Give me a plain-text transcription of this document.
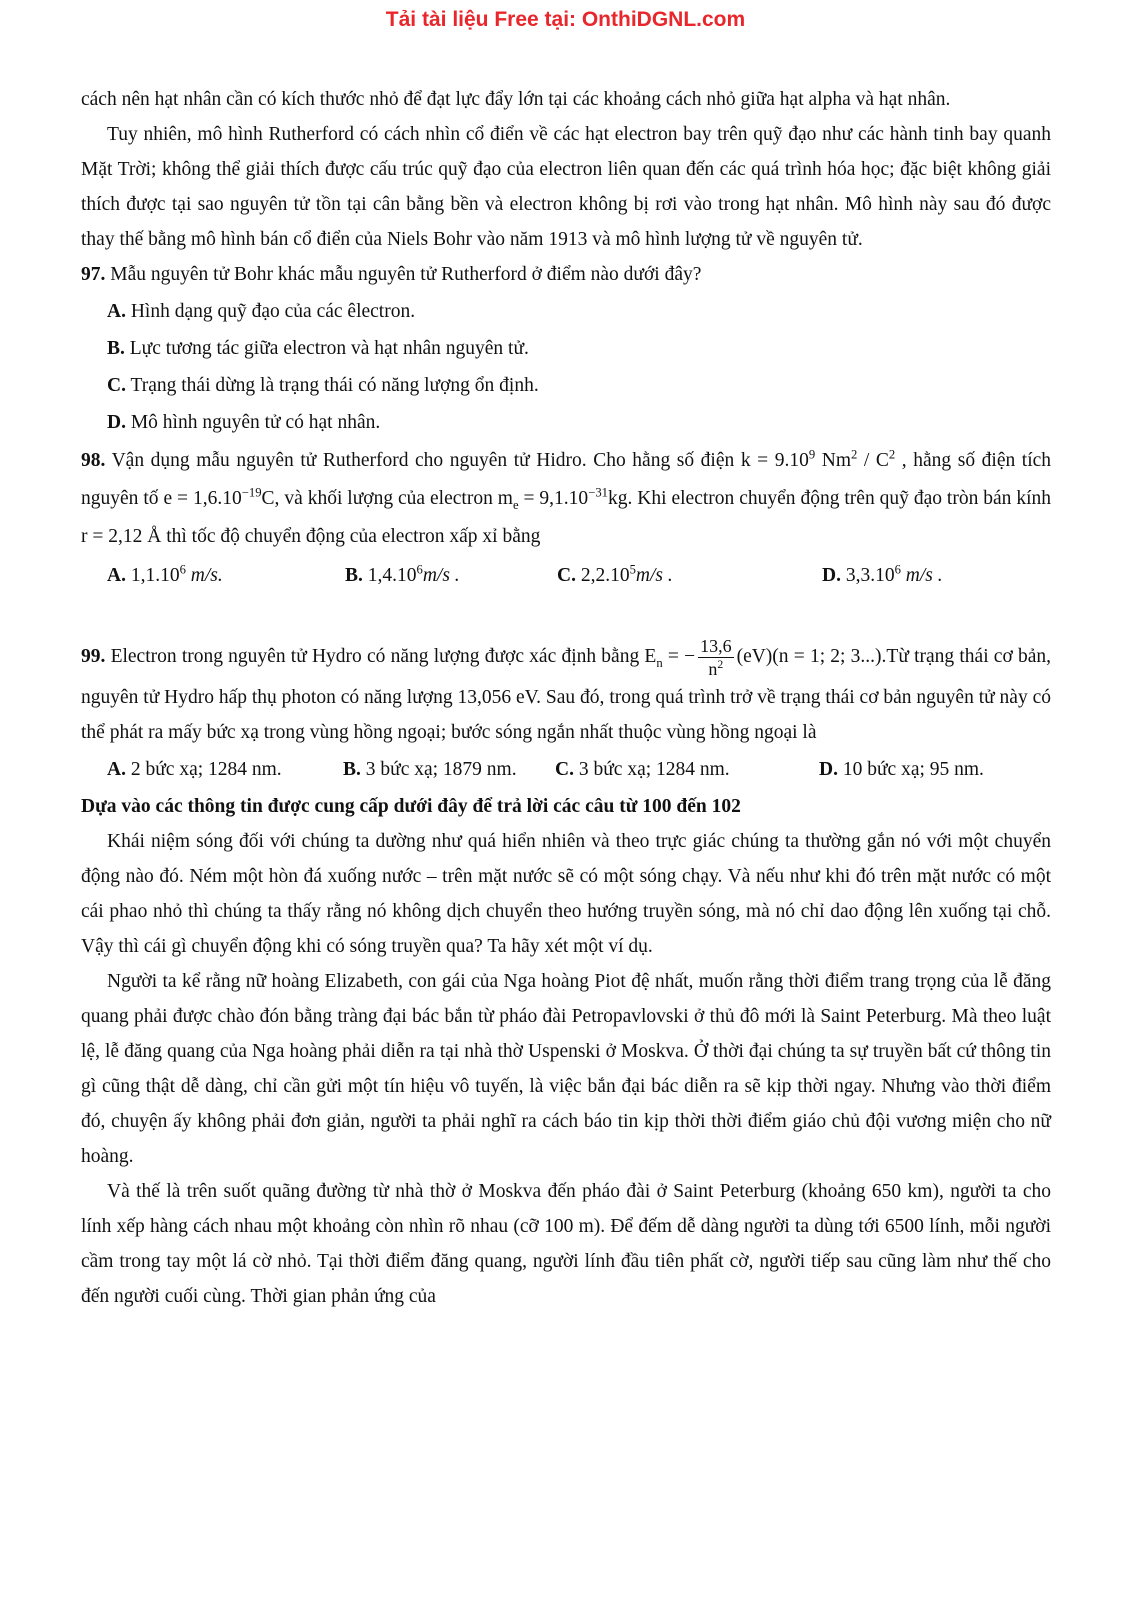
Tải tài liệu Free tại: OnthiDGNL.com

cách nên hạt nhân cần có kích thước nhỏ để đạt lực đẩy lớn tại các khoảng cách nhỏ giữa hạt alpha và hạt nhân.

Tuy nhiên, mô hình Rutherford có cách nhìn cổ điển về các hạt electron bay trên quỹ đạo như các hành tinh bay quanh Mặt Trời; không thể giải thích được cấu trúc quỹ đạo của electron liên quan đến các quá trình hóa học; đặc biệt không giải thích được tại sao nguyên tử tồn tại cân bằng bền và electron không bị rơi vào trong hạt nhân. Mô hình này sau đó được thay thế bằng mô hình bán cổ điển của Niels Bohr vào năm 1913 và mô hình lượng tử về nguyên tử.

97. Mẫu nguyên tử Bohr khác mẫu nguyên tử Rutherford ở điểm nào dưới đây?

A. Hình dạng quỹ đạo của các êlectron.

B. Lực tương tác giữa electron và hạt nhân nguyên tử.

C. Trạng thái dừng là trạng thái có năng lượng ổn định.

D. Mô hình nguyên tử có hạt nhân.

98. Vận dụng mẫu nguyên tử Rutherford cho nguyên tử Hidro. Cho hằng số điện $k = 9.10^9$ $Nm^2 / C^2$ , hằng số điện tích nguyên tố $e = 1,6.10^{-19}C$, và khối lượng của electron $m_e = 9,1.10^{-31}kg$. Khi electron chuyển động trên quỹ đạo tròn bán kính r = 2,12 Å thì tốc độ chuyển động của electron xấp xỉ bằng

A. 1,1.10$^6$ m/s.	B. 1,4.10$^6$m/s .	C. 2,2.10$^5$m/s .	D. 3,3.10$^6$ m/s .

99. Electron trong nguyên tử Hydro có năng lượng được xác định bằng $E_n$ = − $\frac{13,6}{n^2} (eV)(n = 1$; 2; 3...).Từ trạng thái cơ bản, nguyên tử Hydro hấp thụ photon có năng lượng 13,056 eV. Sau đó, trong quá trình trở về trạng thái cơ bản nguyên tử này có thể phát ra mấy bức xạ trong vùng hồng ngoại; bước sóng ngắn nhất thuộc vùng hồng ngoại là

A. 2 bức xạ; 1284 nm.	B. 3 bức xạ; 1879 nm.	C. 3 bức xạ; 1284 nm.	D. 10 bức xạ; 95 nm.

Dựa vào các thông tin được cung cấp dưới đây để trả lời các câu từ 100 đến 102

Khái niệm sóng đối với chúng ta dường như quá hiển nhiên và theo trực giác chúng ta thường gắn nó với một chuyển động nào đó. Ném một hòn đá xuống nước – trên mặt nước sẽ có một sóng chạy. Và nếu như khi đó trên mặt nước có một cái phao nhỏ thì chúng ta thấy rằng nó không dịch chuyển theo hướng truyền sóng, mà nó chỉ dao động lên xuống tại chỗ. Vậy thì cái gì chuyển động khi có sóng truyền qua? Ta hãy xét một ví dụ.

Người ta kể rằng nữ hoàng Elizabeth, con gái của Nga hoàng Piot đệ nhất, muốn rằng thời điểm trang trọng của lễ đăng quang phải được chào đón bằng tràng đại bác bắn từ pháo đài Petropavlovski ở thủ đô mới là Saint Peterburg. Mà theo luật lệ, lễ đăng quang của Nga hoàng phải diễn ra tại nhà thờ Uspenski ở Moskva. Ở thời đại chúng ta sự truyền bất cứ thông tin gì cũng thật dễ dàng, chỉ cần gửi một tín hiệu vô tuyến, là việc bắn đại bác diễn ra sẽ kịp thời ngay. Nhưng vào thời điểm đó, chuyện ấy không phải đơn giản, người ta phải nghĩ ra cách báo tin kịp thời thời điểm giáo chủ đội vương miện cho nữ hoàng.

Và thế là trên suốt quãng đường từ nhà thờ ở Moskva đến pháo đài ở Saint Peterburg (khoảng 650 km), người ta cho lính xếp hàng cách nhau một khoảng còn nhìn rõ nhau (cỡ 100 m). Để đếm dễ dàng người ta dùng tới 6500 lính, mỗi người cầm trong tay một lá cờ nhỏ. Tại thời điểm đăng quang, người lính đầu tiên phất cờ, người tiếp sau cũng làm như thế cho đến người cuối cùng. Thời gian phản ứng của
